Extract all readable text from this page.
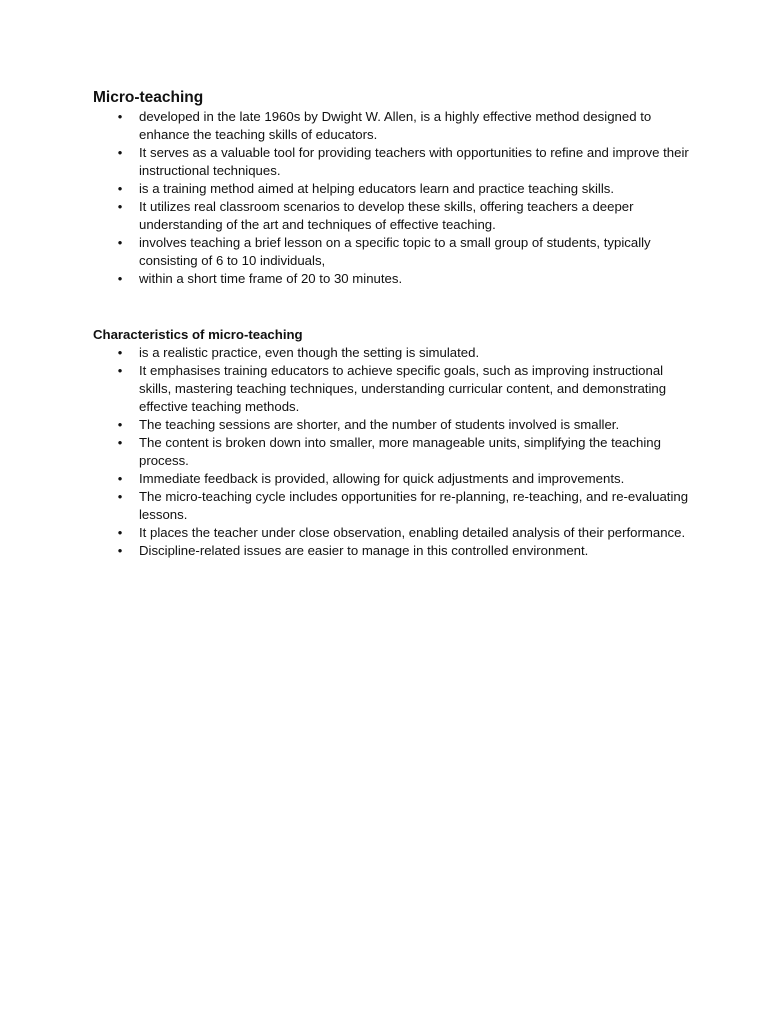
Micro-teaching
• developed in the late 1960s by Dwight W. Allen, is a highly effective method designed to enhance the teaching skills of educators.
• It serves as a valuable tool for providing teachers with opportunities to refine and improve their instructional techniques.
• is a training method aimed at helping educators learn and practice teaching skills.
• It utilizes real classroom scenarios to develop these skills, offering teachers a deeper understanding of the art and techniques of effective teaching.
• involves teaching a brief lesson on a specific topic to a small group of students, typically consisting of 6 to 10 individuals,
• within a short time frame of 20 to 30 minutes.
Characteristics of micro-teaching
• is a realistic practice, even though the setting is simulated.
• It emphasises training educators to achieve specific goals, such as improving instructional skills, mastering teaching techniques, understanding curricular content, and demonstrating effective teaching methods.
• The teaching sessions are shorter, and the number of students involved is smaller.
• The content is broken down into smaller, more manageable units, simplifying the teaching process.
• Immediate feedback is provided, allowing for quick adjustments and improvements.
• The micro-teaching cycle includes opportunities for re-planning, re-teaching, and re-evaluating lessons.
• It places the teacher under close observation, enabling detailed analysis of their performance.
• Discipline-related issues are easier to manage in this controlled environment.
